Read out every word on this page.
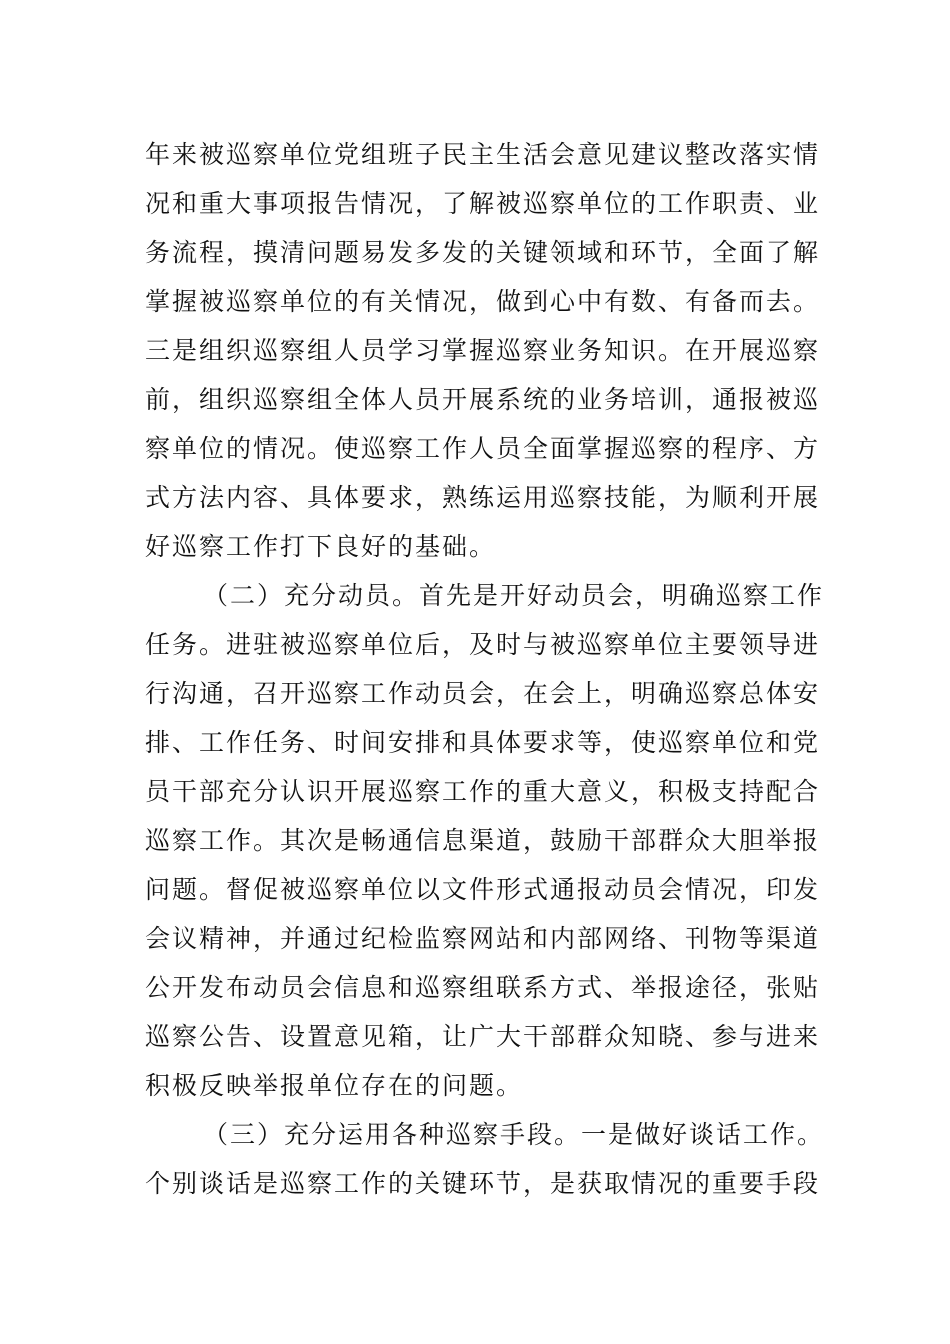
年来被巡察单位党组班子民主生活会意见建议整改落实情
况和重大事项报告情况，了解被巡察单位的工作职责、业
务流程，摸清问题易发多发的关键领域和环节，全面了解
掌握被巡察单位的有关情况，做到心中有数、有备而去。
三是组织巡察组人员学习掌握巡察业务知识。在开展巡察
前，组织巡察组全体人员开展系统的业务培训，通报被巡
察单位的情况。使巡察工作人员全面掌握巡察的程序、方
式方法内容、具体要求，熟练运用巡察技能，为顺利开展
好巡察工作打下良好的基础。
（二）充分动员。首先是开好动员会，明确巡察工作
任务。进驻被巡察单位后，及时与被巡察单位主要领导进
行沟通，召开巡察工作动员会，在会上，明确巡察总体安
排、工作任务、时间安排和具体要求等，使巡察单位和党
员干部充分认识开展巡察工作的重大意义，积极支持配合
巡察工作。其次是畅通信息渠道，鼓励干部群众大胆举报
问题。督促被巡察单位以文件形式通报动员会情况，印发
会议精神，并通过纪检监察网站和内部网络、刊物等渠道
公开发布动员会信息和巡察组联系方式、举报途径，张贴
巡察公告、设置意见箱，让广大干部群众知晓、参与进来
积极反映举报单位存在的问题。
（三）充分运用各种巡察手段。一是做好谈话工作。
个别谈话是巡察工作的关键环节，是获取情况的重要手段
